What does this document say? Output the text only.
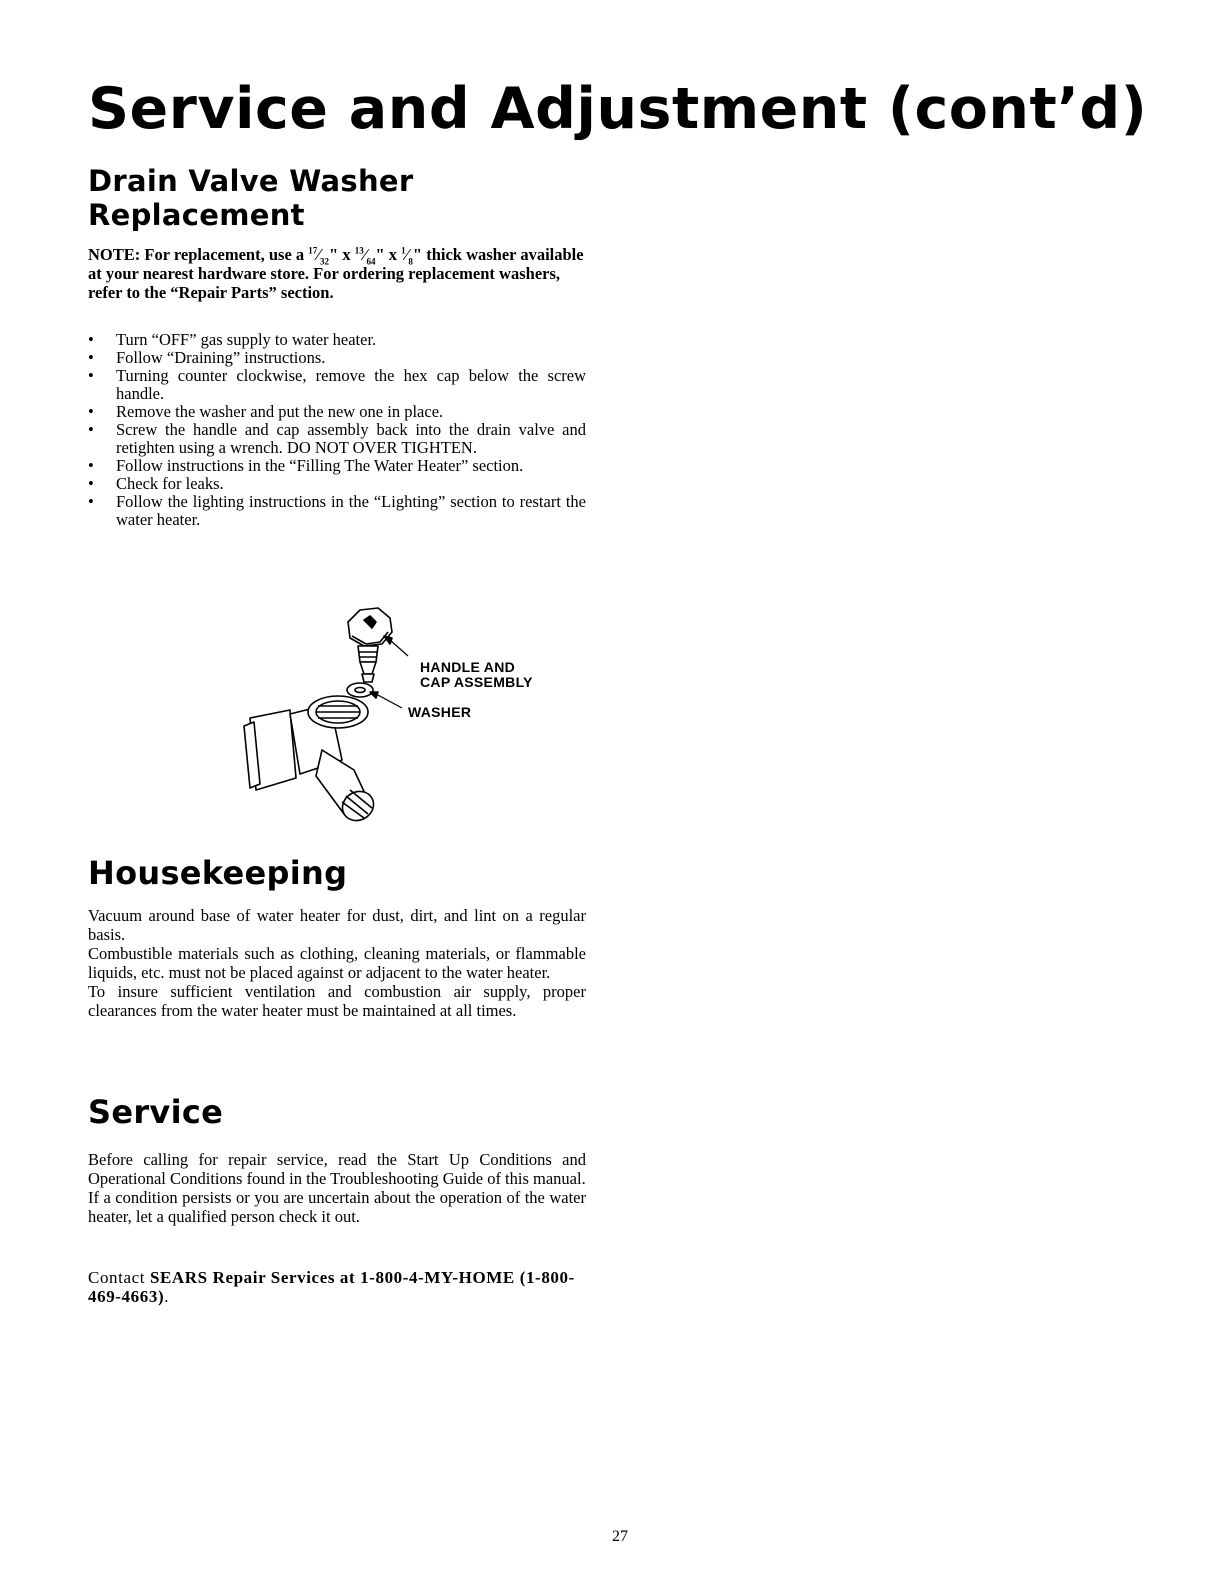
Service and Adjustment (cont’d)
Drain Valve Washer
Replacement

NOTE: For replacement, use a $^{17}⁄_{32}$" x $^{13}⁄_{64}$" x $^1⁄_8$" thick washer available at your nearest hardware store. For ordering replacement washers, refer to the “Repair Parts” section.

• Turn “OFF” gas supply to water heater.
• Follow “Draining” instructions.
• Turning counter clockwise, remove the hex cap below the screw handle.
• Remove the washer and put the new one in place.
• Screw the handle and cap assembly back into the drain valve and retighten using a wrench. DO NOT OVER TIGHTEN.
• Follow instructions in the “Filling The Water Heater” section.
• Check for leaks.
• Follow the lighting instructions in the “Lighting” section to restart the water heater.
HANDLE AND
CAP ASSEMBLY
WASHER
Housekeeping

Vacuum around base of water heater for dust, dirt, and lint on a regular basis.

Combustible materials such as clothing, cleaning materials, or flammable liquids, etc. must not be placed against or adjacent to the water heater.

To insure sufficient ventilation and combustion air supply, proper clearances from the water heater must be maintained at all times.

Service

Before calling for repair service, read the Start Up Conditions and Operational Conditions found in the Troubleshooting Guide of this manual.

If a condition persists or you are uncertain about the operation of the water heater, let a qualified person check it out.

Contact SEARS Repair Services at 1-800-4-MY-HOME (1-800-469-4663).

27
